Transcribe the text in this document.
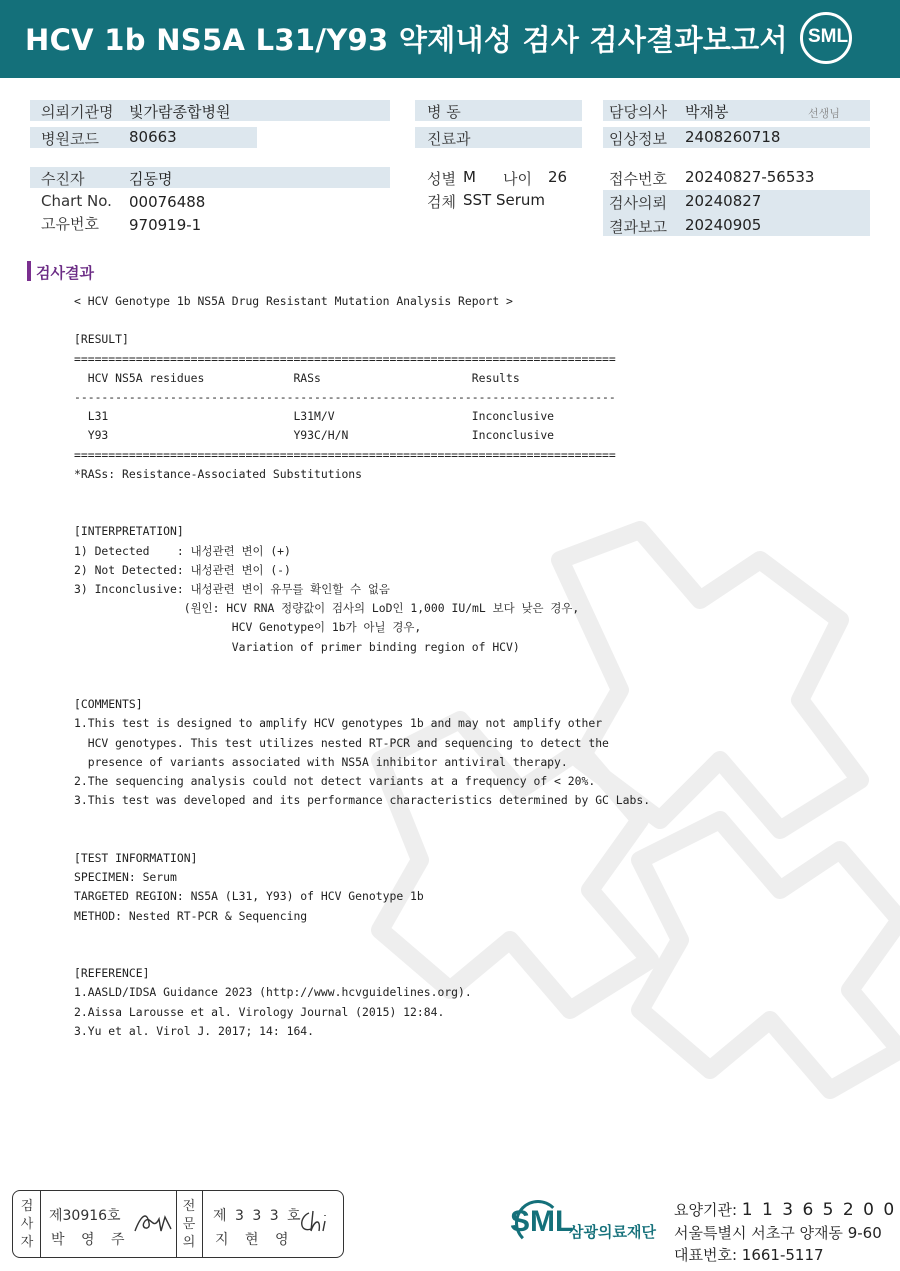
HCV 1b NS5A L31/Y93 약제내성 검사 검사결과보고서 SML
의뢰기관명 빛가람종합병원
병원코드 80663
병 동
진료과
담당의사 박재봉	선생님
임상정보 2408260718
수진자	김동명
Chart No. 00076488
고유번호 970919-1
성별 M 나이 26
검체 SST Serum
접수번호 20240827-56533
검사의뢰 20240827
결과보고 20240905
검사결과
< HCV Genotype 1b NS5A Drug Resistant Mutation Analysis Report >

[RESULT]
===============================================================================
HCV NS5A residues             RASs                      Results
-------------------------------------------------------------------------------
L31                           L31M/V                    Inconclusive
Y93                           Y93C/H/N                  Inconclusive
===============================================================================
*RASs: Resistance-Associated Substitutions

[INTERPRETATION]
1) Detected    : 내성관련 변이 (+)
2) Not Detected: 내성관련 변이 (-)
3) Inconclusive: 내성관련 변이 유무를 확인할 수 없음
(원인: HCV RNA 정량값이 검사의 LoD인 1,000 IU/mL 보다 낮은 경우,
HCV Genotype이 1b가 아닐 경우,
Variation of primer binding region of HCV)

[COMMENTS]
1.This test is designed to amplify HCV genotypes 1b and may not amplify other
HCV genotypes. This test utilizes nested RT-PCR and sequencing to detect the
presence of variants associated with NS5A inhibitor antiviral therapy.
2.The sequencing analysis could not detect variants at a frequency of < 20%.
3.This test was developed and its performance characteristics determined by GC Labs.

[TEST INFORMATION]
SPECIMEN: Serum
TARGETED REGION: NS5A (L31, Y93) of HCV Genotype 1b
METHOD: Nested RT-PCR & Sequencing

[REFERENCE]
1.AASLD/IDSA Guidance 2023 (http://www.hcvguidelines.org).
2.Aissa Larousse et al. Virology Journal (2015) 12:84.
3.Yu et al. Virol J. 2017; 14: 164.
검
사
자
제30916호
박 영 주
전
문
의
제 3 3 3 호
지 현 영
SML
삼광의료재단
요양기관: 1 1 3 6 5 2 0 0
서울특별시 서초구 양재동 9-60
대표번호: 1661-5117
